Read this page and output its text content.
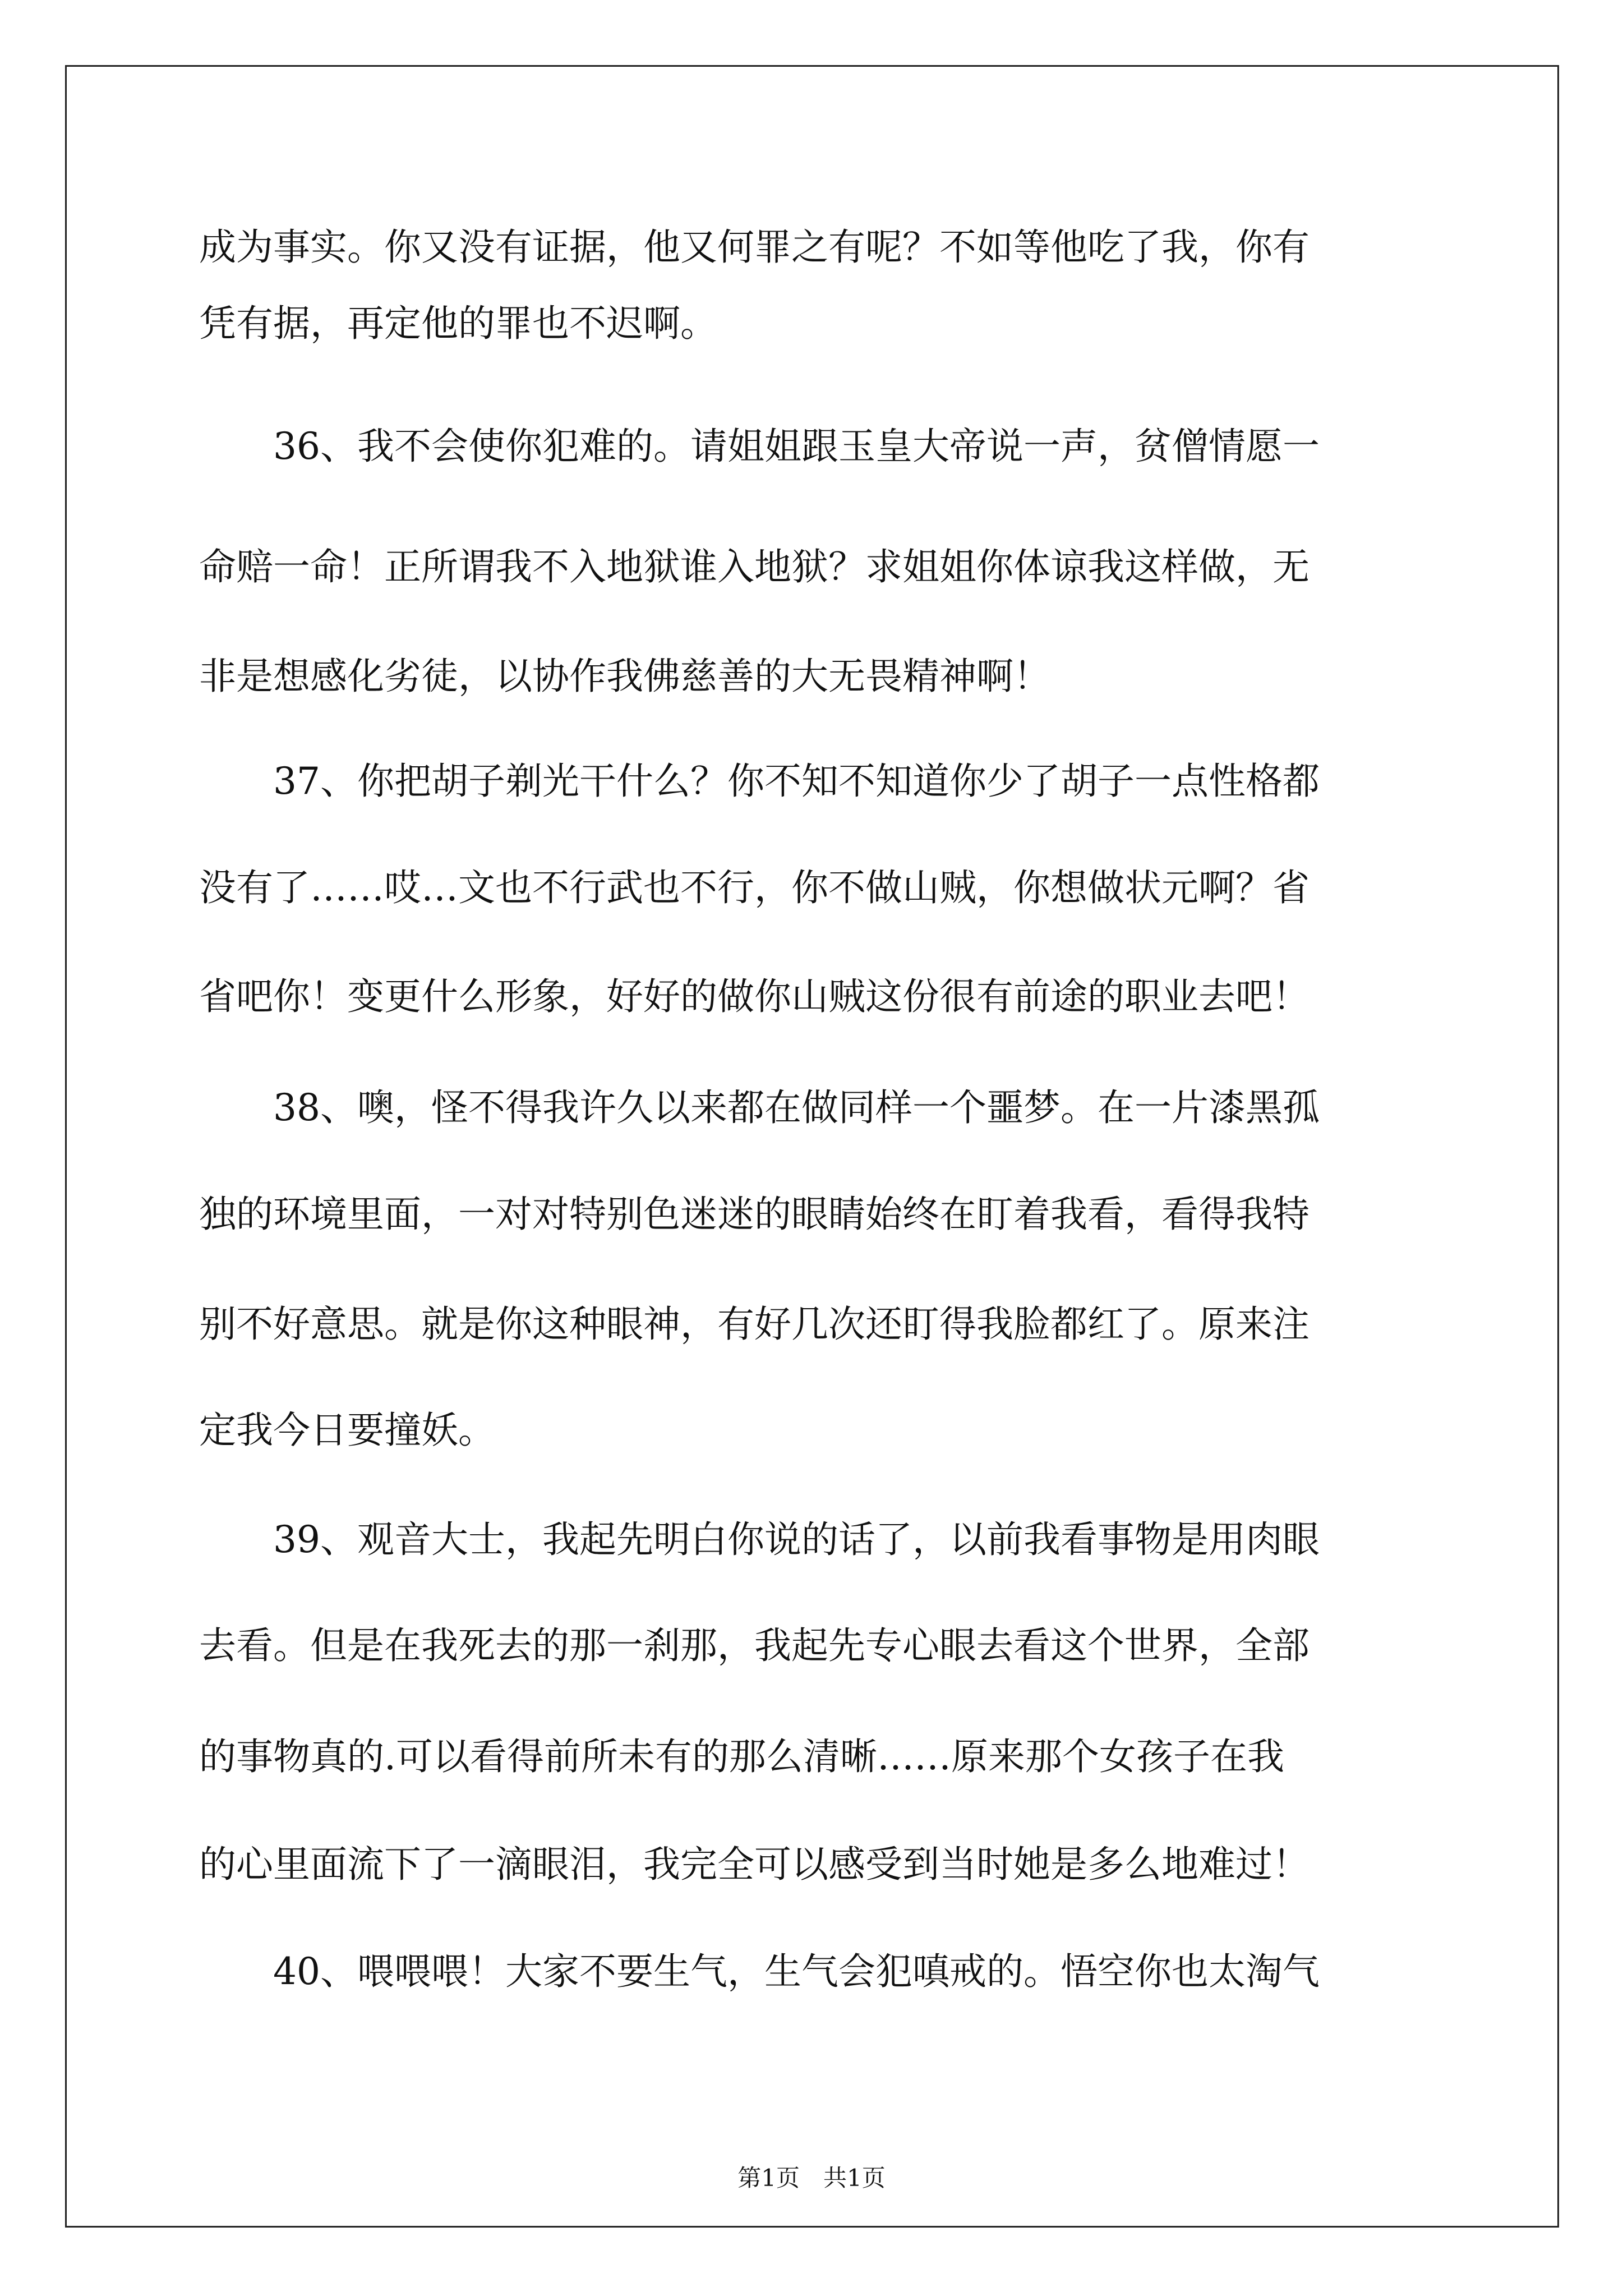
成为事实。你又没有证据，他又何罪之有呢？不如等他吃了我，你有
凭有据，再定他的罪也不迟啊。
　　36、我不会使你犯难的。请姐姐跟玉皇大帝说一声，贫僧情愿一
命赔一命！正所谓我不入地狱谁入地狱？求姐姐你体谅我这样做，无
非是想感化劣徒，以协作我佛慈善的大无畏精神啊！
　　37、你把胡子剃光干什么？你不知不知道你少了胡子一点性格都
没有了……哎…文也不行武也不行，你不做山贼，你想做状元啊？省
省吧你！变更什么形象，好好的做你山贼这份很有前途的职业去吧！
　　38、噢，怪不得我许久以来都在做同样一个噩梦。在一片漆黑孤
独的环境里面，一对对特别色迷迷的眼睛始终在盯着我看，看得我特
别不好意思。就是你这种眼神，有好几次还盯得我脸都红了。原来注
定我今日要撞妖。
　　39、观音大士，我起先明白你说的话了，以前我看事物是用肉眼
去看。但是在我死去的那一刹那，我起先专心眼去看这个世界，全部
的事物真的.可以看得前所未有的那么清晰……原来那个女孩子在我
的心里面流下了一滴眼泪，我完全可以感受到当时她是多么地难过！
　　40、喂喂喂！大家不要生气，生气会犯嗔戒的。悟空你也太淘气
第1页　共1页
